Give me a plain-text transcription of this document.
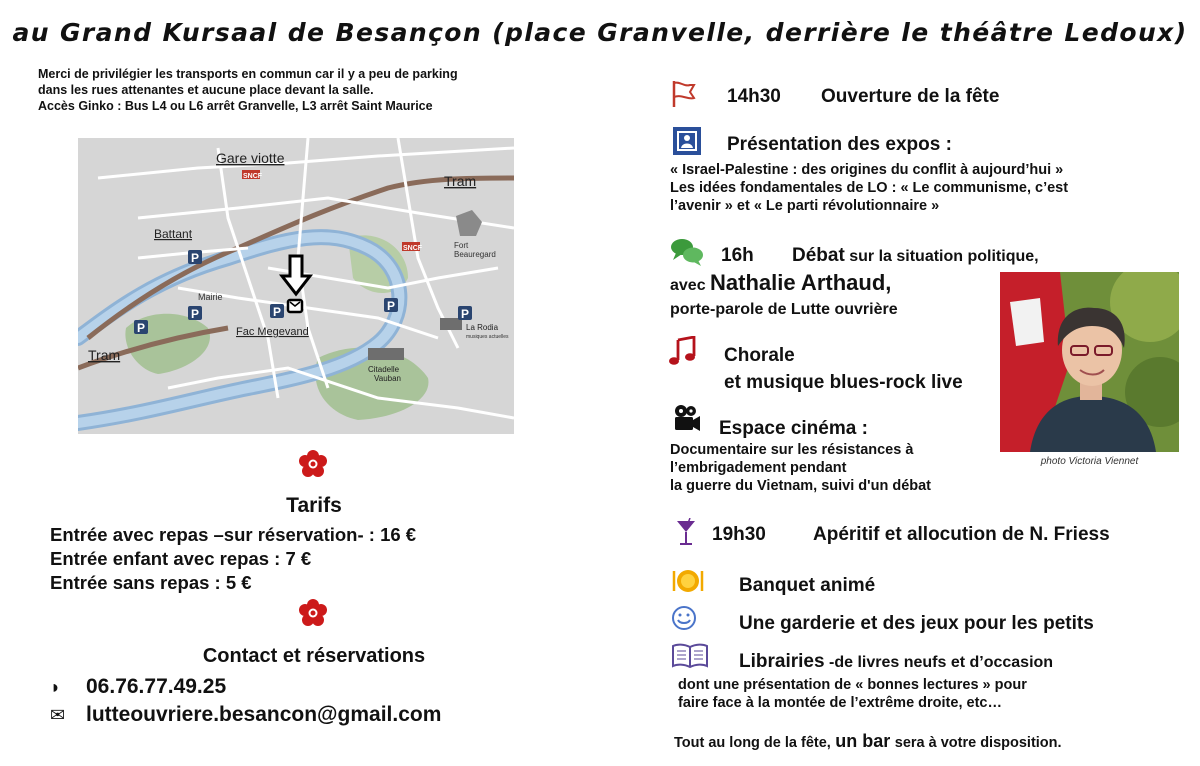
au Grand Kursaal de Besançon (place Granvelle, derrière le théâtre Ledoux)
Merci de privilégier les transports en commun car il y a peu de parking
dans les rues attenantes et aucune place devant la salle.
Accès Ginko : Bus L4 ou L6 arrêt Granvelle, L3 arrêt Saint Maurice
P
P
P
P
P
P
SNCF
SNCF
Gare viotte
Tram
Tram
Battant
Fort
Beauregard
Mairie
Fac Megevand
Citadelle
Vauban
La Rodia
musiques actuelles
Tarifs
Entrée avec repas –sur réservation- : 16 €
Entrée enfant avec repas : 7 €
Entrée sans repas : 5 €
Contact et réservations
◗	06.76.77.49.25
✉ lutteouvriere.besancon@gmail.com
14h30 Ouverture de la fête
Présentation des expos :
« Israel-Palestine : des origines du conflit à aujourd’hui »
Les idées fondamentales de LO : « Le communisme, c’est
l’avenir » et « Le parti révolutionnaire »
16h Débat sur la situation politique,
avec Nathalie Arthaud,
porte-parole de Lutte ouvrière
photo Victoria Viennet
Chorale
et musique blues-rock live
Espace cinéma :
Documentaire sur les résistances à
l’embrigadement pendant
la guerre du Vietnam, suivi d'un débat
19h30 Apéritif et allocution de N. Friess
Banquet animé
Une garderie et des jeux pour les petits
Librairies -de livres neufs et d’occasion
dont une présentation de « bonnes lectures » pour
faire face à la montée de l’extrême droite, etc…
Tout au long de la fête, un bar sera à votre disposition.
